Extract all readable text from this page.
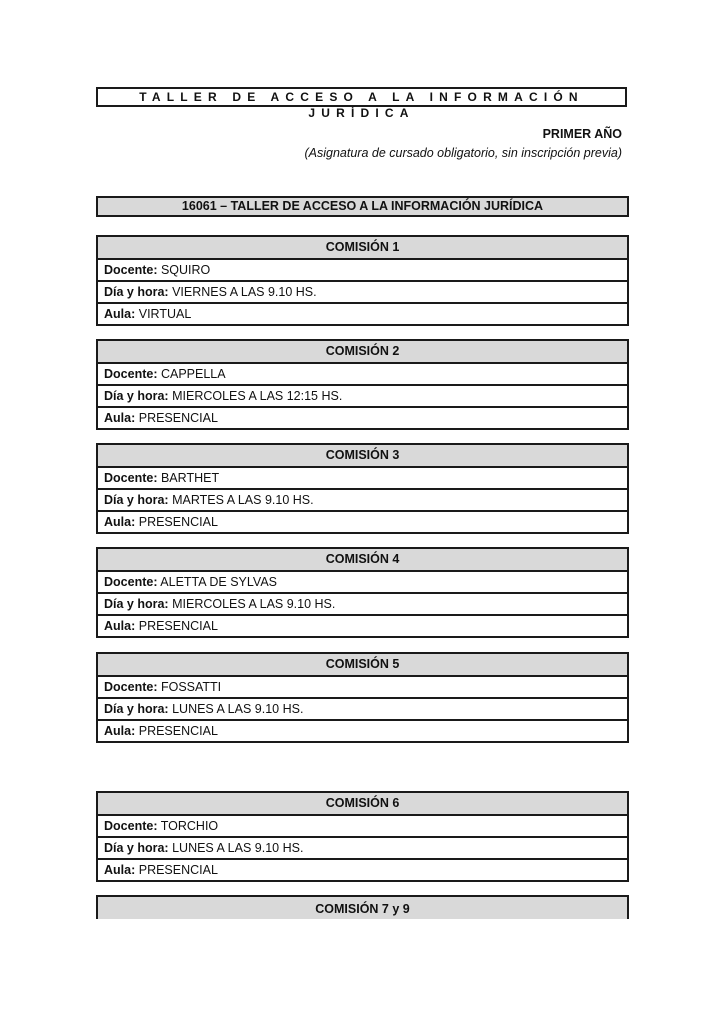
TALLER DE ACCESO A LA INFORMACIÓN JURÍDICA
PRIMER AÑO
(Asignatura de cursado obligatorio, sin inscripción previa)
16061 – TALLER DE ACCESO A LA INFORMACIÓN JURÍDICA
COMISIÓN 1
Docente: SQUIRO
Día y hora: VIERNES A LAS 9.10 HS.
Aula: VIRTUAL
COMISIÓN 2
Docente: CAPPELLA
Día y hora: MIERCOLES A LAS 12:15 HS.
Aula: PRESENCIAL
COMISIÓN 3
Docente: BARTHET
Día y hora: MARTES A LAS 9.10 HS.
Aula: PRESENCIAL
COMISIÓN 4
Docente: ALETTA DE SYLVAS
Día y hora: MIERCOLES A LAS 9.10 HS.
Aula: PRESENCIAL
COMISIÓN 5
Docente: FOSSATTI
Día y hora: LUNES A LAS 9.10 HS.
Aula: PRESENCIAL
COMISIÓN 6
Docente: TORCHIO
Día y hora: LUNES A LAS 9.10 HS.
Aula: PRESENCIAL
COMISIÓN 7 y 9
